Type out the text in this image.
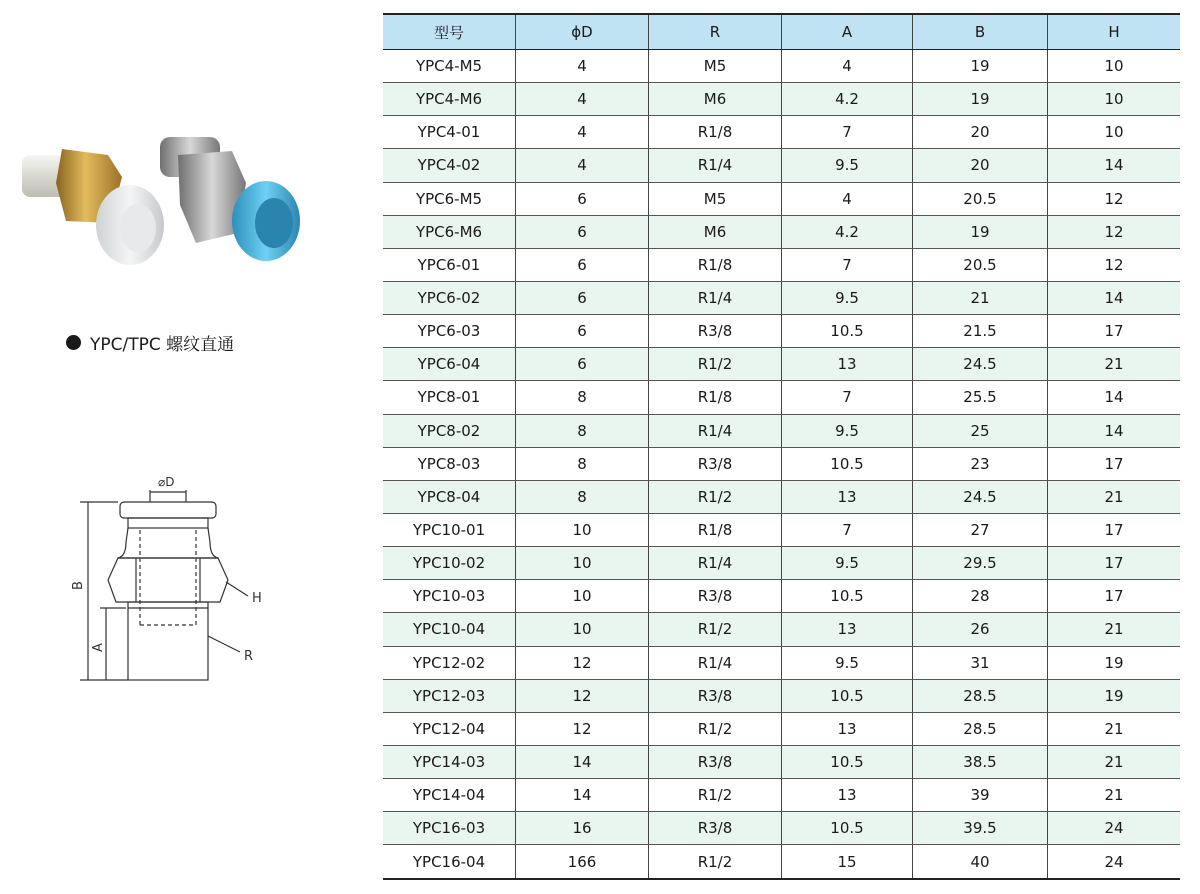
YPC/TPC 螺纹直通
⌀D
B
A
H
R
型号	ϕD	R	A	B	H
YPC4-M5	4	M5	4	19	10
YPC4-M6	4	M6	4.2	19	10
YPC4-01	4	R1/8	7	20	10
YPC4-02	4	R1/4	9.5	20	14
YPC6-M5	6	M5	4	20.5	12
YPC6-M6	6	M6	4.2	19	12
YPC6-01	6	R1/8	7	20.5	12
YPC6-02	6	R1/4	9.5	21	14
YPC6-03	6	R3/8	10.5	21.5	17
YPC6-04	6	R1/2	13	24.5	21
YPC8-01	8	R1/8	7	25.5	14
YPC8-02	8	R1/4	9.5	25	14
YPC8-03	8	R3/8	10.5	23	17
YPC8-04	8	R1/2	13	24.5	21
YPC10-01	10	R1/8	7	27	17
YPC10-02	10	R1/4	9.5	29.5	17
YPC10-03	10	R3/8	10.5	28	17
YPC10-04	10	R1/2	13	26	21
YPC12-02	12	R1/4	9.5	31	19
YPC12-03	12	R3/8	10.5	28.5	19
YPC12-04	12	R1/2	13	28.5	21
YPC14-03	14	R3/8	10.5	38.5	21
YPC14-04	14	R1/2	13	39	21
YPC16-03	16	R3/8	10.5	39.5	24
YPC16-04	166	R1/2	15	40	24
